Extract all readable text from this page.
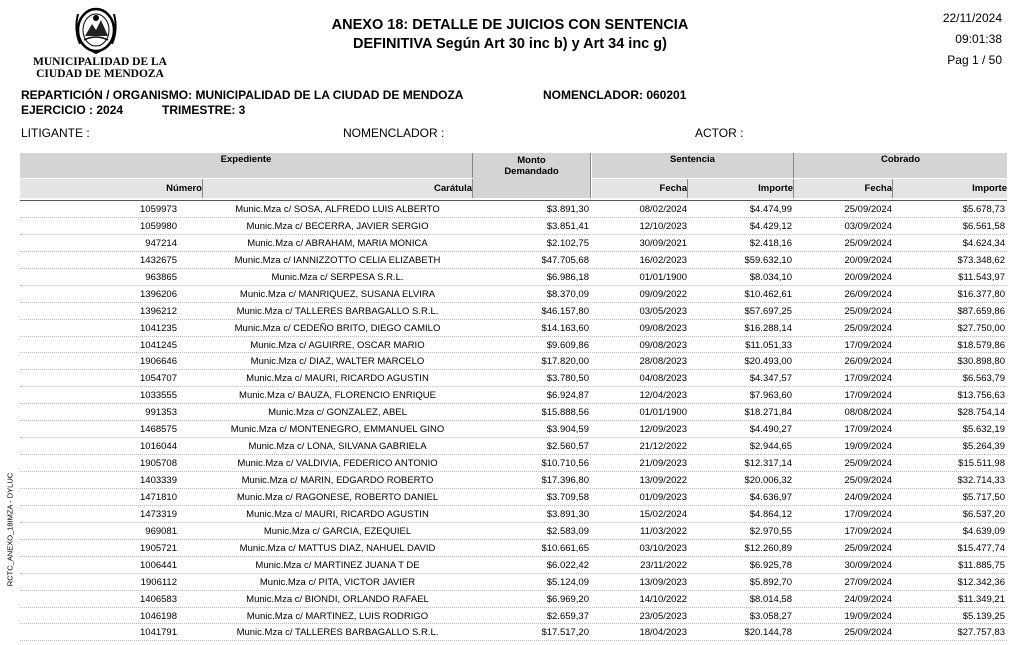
MUNICIPALIDAD DE LA
CIUDAD DE MENDOZA
ANEXO 18: DETALLE DE JUICIOS CON SENTENCIA
DEFINITIVA Según Art 30 inc b) y Art 34 inc g)
22/11/2024
09:01:38
Pag 1 / 50
REPARTICIÓN / ORGANISMO: MUNICIPALIDAD DE LA CIUDAD DE MENDOZA	NOMENCLADOR: 060201
EJERCICIO : 2024	TRIMESTRE: 3
LITIGANTE :	NOMENCLADOR :	ACTOR :
Expediente	Monto
Demandado
Sentencia	Cobrado
Número	Carátula	Fecha	Importe	Fecha	Importe
1059973	Munic.Mza c/ SOSA, ALFREDO LUIS ALBERTO	$3.891,30	08/02/2024	$4.474,99	25/09/2024	$5.678,73
1059980	Munic.Mza c/ BECERRA, JAVIER SERGIO	$3.851,41	12/10/2023	$4.429,12	03/09/2024	$6.561,58
947214	Munic.Mza c/ ABRAHAM, MARIA MONICA	$2.102,75	30/09/2021	$2.418,16	25/09/2024	$4.624,34
1432675	Munic.Mza c/ IANNIZZOTTO CELIA ELIZABETH	$47.705,68	16/02/2023	$59.632,10	20/09/2024	$73.348,62
963865	Munic.Mza c/ SERPESA S.R.L.	$6.986,18	01/01/1900	$8.034,10	20/09/2024	$11.543,97
1396206	Munic.Mza c/ MANRIQUEZ, SUSANA ELVIRA	$8.370,09	09/09/2022	$10.462,61	26/09/2024	$16.377,80
1396212	Munic.Mza c/ TALLERES BARBAGALLO S.R.L.	$46.157,80	03/05/2023	$57.697,25	25/09/2024	$87.659,86
1041235	Munic.Mza c/ CEDEÑO BRITO, DIEGO CAMILO	$14.163,60	09/08/2023	$16.288,14	25/09/2024	$27.750,00
1041245	Munic.Mza c/ AGUIRRE, OSCAR MARIO	$9.609,86	09/08/2023	$11.051,33	17/09/2024	$18.579,86
1906646	Munic.Mza c/ DIAZ, WALTER MARCELO	$17.820,00	28/08/2023	$20.493,00	26/09/2024	$30.898,80
1054707	Munic.Mza c/ MAURI, RICARDO AGUSTIN	$3.780,50	04/08/2023	$4.347,57	17/09/2024	$6.563,79
1033555	Munic.Mza c/ BAUZA, FLORENCIO ENRIQUE	$6.924,87	12/04/2023	$7.963,60	17/09/2024	$13.756,63
991353	Munic.Mza c/ GONZALEZ, ABEL	$15.888,56	01/01/1900	$18.271,84	08/08/2024	$28.754,14
1468575	Munic.Mza c/ MONTENEGRO, EMMANUEL GINO	$3.904,59	12/09/2023	$4.490,27	17/09/2024	$5.632,19
1016044	Munic.Mza c/ LONA, SILVANA GABRIELA	$2.560,57	21/12/2022	$2.944,65	19/09/2024	$5.264,39
1905708	Munic.Mza c/ VALDIVIA, FEDERICO ANTONIO	$10.710,56	21/09/2023	$12.317,14	25/09/2024	$15.511,98
1403339	Munic.Mza c/ MARIN, EDGARDO ROBERTO	$17.396,80	13/09/2022	$20.006,32	25/09/2024	$32.714,33
1471810	Munic.Mza c/ RAGONESE, ROBERTO DANIEL	$3.709,58	01/09/2023	$4.636,97	24/09/2024	$5.717,50
1473319	Munic.Mza c/ MAURI, RICARDO AGUSTIN	$3.891,30	15/02/2024	$4.864,12	17/09/2024	$6.537,20
969081	Munic.Mza c/ GARCIA, EZEQUIEL	$2.583,09	11/03/2022	$2.970,55	17/09/2024	$4.639,09
1905721	Munic.Mza c/ MATTUS DIAZ, NAHUEL DAVID	$10.661,65	03/10/2023	$12.260,89	25/09/2024	$15.477,74
1006441	Munic.Mza c/ MARTINEZ JUANA T DE	$6.022,42	23/11/2022	$6.925,78	30/09/2024	$11.885,75
1906112	Munic.Mza c/ PITA, VICTOR JAVIER	$5.124,09	13/09/2023	$5.892,70	27/09/2024	$12.342,36
1406583	Munic.Mza c/ BIONDI, ORLANDO RAFAEL	$6.969,20	14/10/2022	$8.014,58	24/09/2024	$11.349,21
1046198	Munic.Mza c/ MARTINEZ, LUIS RODRIGO	$2.659,37	23/05/2023	$3.058,27	19/09/2024	$5.139,25
1041791	Munic.Mza c/ TALLERES BARBAGALLO S.R.L.	$17.517,20	18/04/2023	$20.144,78	25/09/2024	$27.757,83
RCTC_ANEXO_18IMZA - DYLUC
